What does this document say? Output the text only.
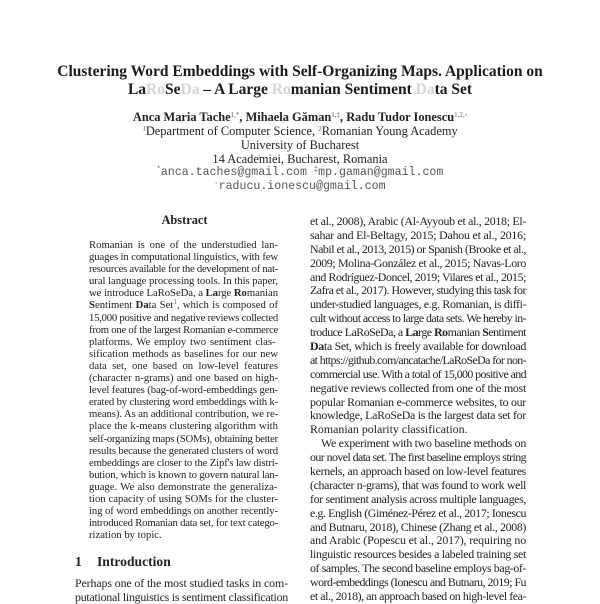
Clustering Word Embeddings with Self-Organizing Maps. Application on
LaRoSeDa – A Large Romanian Sentiment Data Set
Anca Maria Tache$^{1,*}$, Mihaela Găman$^{1,\ddagger}$, Radu Tudor Ionescu$^{1,2,◦}$
$^1$Department of Computer Science, $^2$Romanian Young Academy
University of Bucharest
14 Academiei, Bucharest, Romania
*anca.taches@gmail.com ‡mp.gaman@gmail.com
◦raducu.ionescu@gmail.com
Abstract
Romanian is one of the understudied lan-
guages in computational linguistics, with few
resources available for the development of nat-
ural language processing tools. In this paper,
we introduce LaRoSeDa, a Large Romanian
Sentiment Data Set$^1$, which is composed of
15,000 positive and negative reviews collected
from one of the largest Romanian e-commerce
platforms. We employ two sentiment clas-
sification methods as baselines for our new
data set, one based on low-level features
(character n-grams) and one based on high-
level features (bag-of-word-embeddings gen-
erated by clustering word embeddings with k-
means). As an additional contribution, we re-
place the k-means clustering algorithm with
self-organizing maps (SOMs), obtaining better
results because the generated clusters of word
embeddings are closer to the Zipf's law distri-
bution, which is known to govern natural lan-
guage. We also demonstrate the generaliza-
tion capacity of using SOMs for the cluster-
ing of word embeddings on another recently-
introduced Romanian data set, for text catego-
rization by topic.
1 Introduction
Perhaps one of the most studied tasks in com-
putational linguistics is sentiment classification
et al., 2008), Arabic (Al-Ayyoub et al., 2018; El-
sahar and El-Beltagy, 2015; Dahou et al., 2016;
Nabil et al., 2013, 2015) or Spanish (Brooke et al.,
2009; Molina-González et al., 2015; Navas-Loro
and Rodríguez-Doncel, 2019; Vilares et al., 2015;
Zafra et al., 2017). However, studying this task for
under-studied languages, e.g. Romanian, is diffi-
cult without access to large data sets. We hereby in-
troduce LaRoSeDa, a Large Romanian Sentiment
Data Set, which is freely available for download
at https://github.com/ancatache/LaRoSeDa for non-
commercial use. With a total of 15,000 positive and
negative reviews collected from one of the most
popular Romanian e-commerce websites, to our
knowledge, LaRoSeDa is the largest data set for
Romanian polarity classification.
We experiment with two baseline methods on
our novel data set. The first baseline employs string
kernels, an approach based on low-level features
(character n-grams), that was found to work well
for sentiment analysis across multiple languages,
e.g. English (Giménez-Pérez et al., 2017; Ionescu
and Butnaru, 2018), Chinese (Zhang et al., 2008)
and Arabic (Popescu et al., 2017), requiring no
linguistic resources besides a labeled training set
of samples. The second baseline employs bag-of-
word-embeddings (Ionescu and Butnaru, 2019; Fu
et al., 2018), an approach based on high-level fea-
